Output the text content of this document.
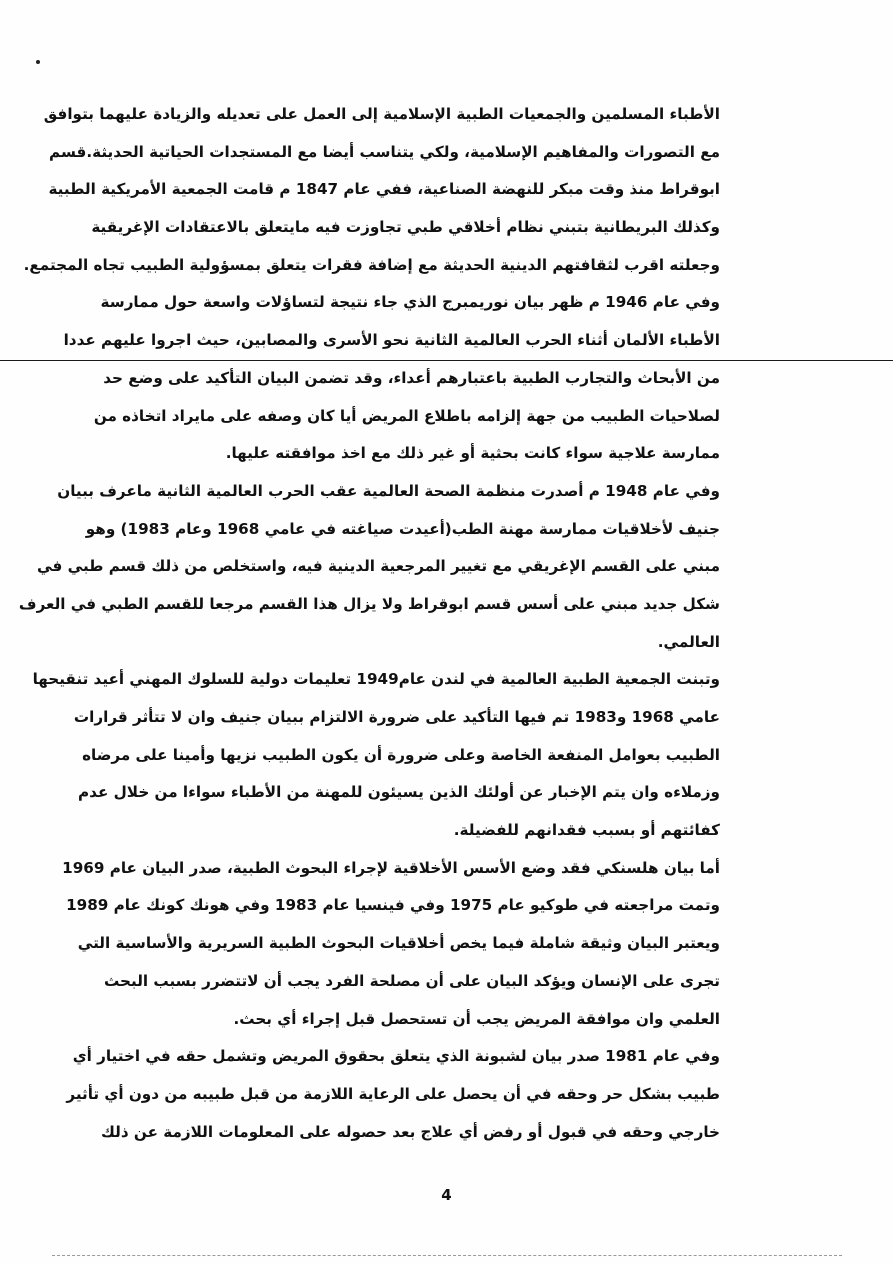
الأطباء المسلمين والجمعيات الطبية الإسلامية إلى العمل على تعديله والزيادة عليهما بتوافق
مع التصورات والمفاهيم الإسلامية، ولكي يتناسب أيضا مع المستجدات الحياتية الحديثة.قسم
ابوقراط منذ وقت مبكر للنهضة الصناعية، ففي عام 1847 م قامت الجمعية الأمريكية الطبية
وكذلك البريطانية بتبني نظام أخلاقي طبي تجاوزت فيه مايتعلق بالاعتقادات الإغريقية
وجعلته اقرب لثقافتهم الدينية الحديثة مع إضافة فقرات يتعلق بمسؤولية الطبيب تجاه المجتمع.
وفي عام 1946 م ظهر بيان نوريمبرج الذي جاء نتيجة لتساؤلات واسعة حول ممارسة
الأطباء الألمان أثناء الحرب العالمية الثانية نحو الأسرى والمصابين، حيث اجروا عليهم عددا
من الأبحاث والتجارب الطبية باعتبارهم أعداء، وقد تضمن البيان التأكيد على وضع حد
لصلاحيات الطبيب من جهة إلزامه باطلاع المريض أيا كان وصفه على مايراد اتخاذه من
ممارسة علاجية سواء كانت بحثية أو غير ذلك مع اخذ موافقته عليها.
وفي عام 1948 م أصدرت منظمة الصحة العالمية عقب الحرب العالمية الثانية ماعرف ببيان
جنيف لأخلاقيات ممارسة مهنة الطب(أعيدت صياغته في عامي 1968 وعام 1983) وهو
مبني على القسم الإغريقي مع تغيير المرجعية الدينية فيه، واستخلص من ذلك قسم طبي في
شكل جديد مبني على أسس قسم ابوقراط ولا يزال هذا القسم مرجعا للقسم الطبي في العرف
العالمي.
وتبنت الجمعية الطبية العالمية في لندن عام1949 تعليمات دولية للسلوك المهني أعيد تنقيحها
عامي 1968 و1983 تم فيها التأكيد على ضرورة الالتزام ببيان جنيف وان لا تتأثر قرارات
الطبيب بعوامل المنفعة الخاصة وعلى ضرورة أن يكون الطبيب نزيها وأمينا على مرضاه
وزملاءه وان يتم الإخبار عن أولئك الذين يسيئون للمهنة من الأطباء سواءا من خلال عدم
كفائتهم أو بسبب فقدانهم للفضيلة.
أما بيان هلسنكي فقد وضع الأسس الأخلاقية لإجراء البحوث الطبية، صدر البيان عام 1969
وتمت مراجعته في طوكيو عام 1975 وفي فينسيا عام 1983 وفي هونك كونك عام 1989
ويعتبر البيان وثيقة شاملة فيما يخص أخلاقيات البحوث الطبية السريرية والأساسية التي
تجرى على الإنسان ويؤكد البيان على أن مصلحة الفرد يجب أن لاتتضرر بسبب البحث
العلمي وان موافقة المريض يجب أن تستحصل قبل إجراء أي بحث.
وفي عام 1981 صدر بيان لشبونة الذي يتعلق بحقوق المريض وتشمل حقه في اختيار أي
طبيب بشكل حر وحقه في أن يحصل على الرعاية اللازمة من قبل طبيبه من دون أي تأثير
خارجي وحقه في قبول أو رفض أي علاج بعد حصوله على المعلومات اللازمة عن ذلك
4
